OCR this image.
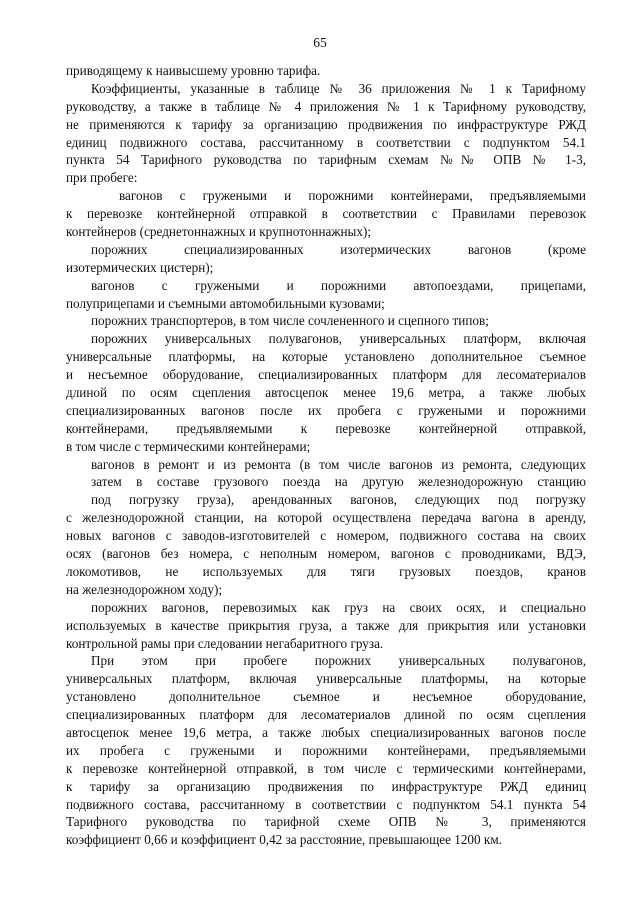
65
приводящему к наивысшему уровню тарифа.
Коэффициенты, указанные в таблице № 36 приложения № 1 к Тарифному
руководству, а также в таблице № 4 приложения № 1 к Тарифному руководству,
не применяются к тарифу за организацию продвижения по инфраструктуре РЖД
единиц подвижного состава, рассчитанному в соответствии с подпунктом 54.1
пункта 54 Тарифного руководства по тарифным схемам №№ ОПВ № 1-3,
при пробеге:
вагонов с гружеными и порожними контейнерами, предъявляемыми
к перевозке контейнерной отправкой в соответствии с Правилами перевозок
контейнеров (среднетоннажных и крупнотоннажных);
порожних специализированных изотермических вагонов (кроме
изотермических цистерн);
вагонов с гружеными и порожними автопоездами, прицепами,
полуприцепами и съемными автомобильными кузовами;
порожних транспортеров, в том числе сочлененного и сцепного типов;
порожних универсальных полувагонов, универсальных платформ, включая
универсальные платформы, на которые установлено дополнительное съемное
и несъемное оборудование, специализированных платформ для лесоматериалов
длиной по осям сцепления автосцепок менее 19,6 метра, а также любых
специализированных вагонов после их пробега с гружеными и порожними
контейнерами, предъявляемыми к перевозке контейнерной отправкой,
в том числе с термическими контейнерами;
вагонов в ремонт и из ремонта (в том числе вагонов из ремонта, следующих
затем в составе грузового поезда на другую железнодорожную станцию
под погрузку груза), арендованных вагонов, следующих под погрузку
с железнодорожной станции, на которой осуществлена передача вагона в аренду,
новых вагонов с заводов-изготовителей с номером, подвижного состава на своих
осях (вагонов без номера, с неполным номером, вагонов с проводниками, ВДЭ,
локомотивов, не используемых для тяги грузовых поездов, кранов
на железнодорожном ходу);
порожних вагонов, перевозимых как груз на своих осях, и специально
используемых в качестве прикрытия груза, а также для прикрытия или установки
контрольной рамы при следовании негабаритного груза.
При этом при пробеге порожних универсальных полувагонов,
универсальных платформ, включая универсальные платформы, на которые
установлено дополнительное съемное и несъемное оборудование,
специализированных платформ для лесоматериалов длиной по осям сцепления
автосцепок менее 19,6 метра, а также любых специализированных вагонов после
их пробега с гружеными и порожними контейнерами, предъявляемыми
к перевозке контейнерной отправкой, в том числе с термическими контейнерами,
к тарифу за организацию продвижения по инфраструктуре РЖД единиц
подвижного состава, рассчитанному в соответствии с подпунктом 54.1 пункта 54
Тарифного руководства по тарифной схеме ОПВ № 3, применяются
коэффициент 0,66 и коэффициент 0,42 за расстояние, превышающее 1200 км.
